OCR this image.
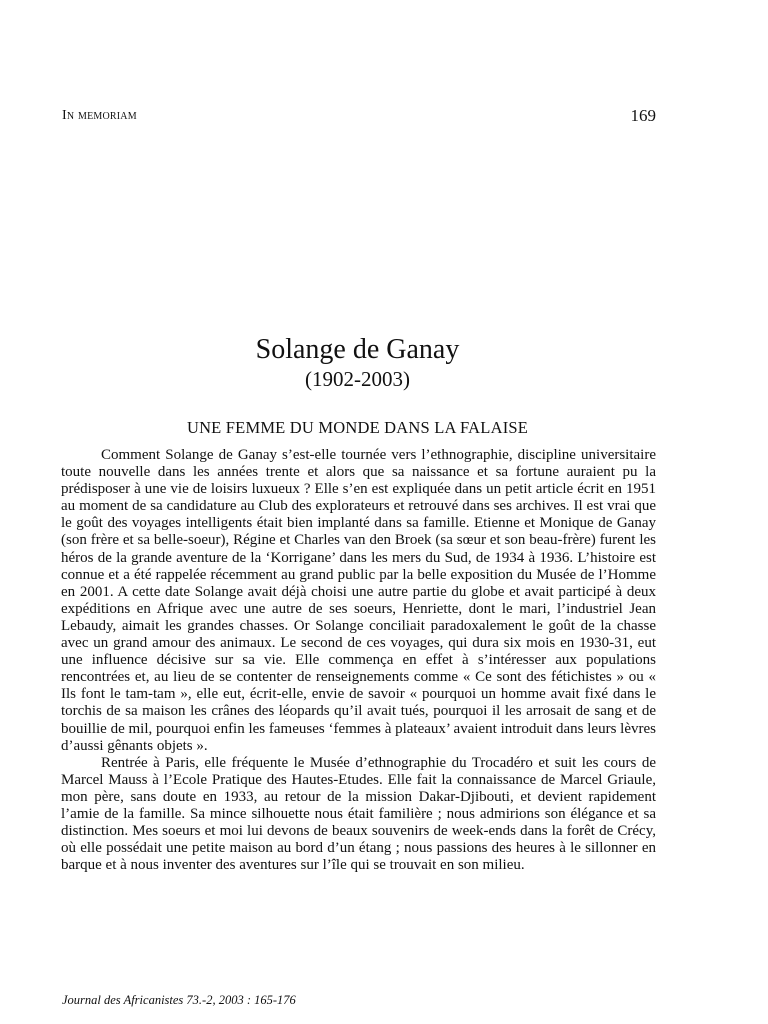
In memoriam	169
Solange de Ganay
(1902-2003)
UNE FEMME DU MONDE DANS LA FALAISE

Comment Solange de Ganay s’est-elle tournée vers l’ethnographie, discipline universitaire toute nouvelle dans les années trente et alors que sa naissance et sa fortune auraient pu la prédisposer à une vie de loisirs luxueux ? Elle s’en est expliquée dans un petit article écrit en 1951 au moment de sa candidature au Club des explorateurs et retrouvé dans ses archives. Il est vrai que le goût des voyages intelligents était bien implanté dans sa famille. Etienne et Monique de Ganay (son frère et sa belle-soeur), Régine et Charles van den Broek (sa sœur et son beau-frère) furent les héros de la grande aventure de la ‘Korrigane’ dans les mers du Sud, de 1934 à 1936. L’histoire est connue et a été rappelée récemment au grand public par la belle exposition du Musée de l’Homme en 2001. A cette date Solange avait déjà choisi une autre partie du globe et avait participé à deux expéditions en Afrique avec une autre de ses soeurs, Henriette, dont le mari, l’industriel Jean Lebaudy, aimait les grandes chasses. Or Solange conciliait paradoxalement le goût de la chasse avec un grand amour des animaux. Le second de ces voyages, qui dura six mois en 1930-31, eut une influence décisive sur sa vie. Elle commença en effet à s’intéresser aux populations rencontrées et, au lieu de se contenter de renseignements comme « Ce sont des fétichistes » ou « Ils font le tam-tam », elle eut, écrit-elle, envie de savoir « pourquoi un homme avait fixé dans le torchis de sa maison les crânes des léopards qu’il avait tués, pourquoi il les arrosait de sang et de bouillie de mil, pourquoi enfin les fameuses ‘femmes à plateaux’ avaient introduit dans leurs lèvres d’aussi gênants objets ».

Rentrée à Paris, elle fréquente le Musée d’ethnographie du Trocadéro et suit les cours de Marcel Mauss à l’Ecole Pratique des Hautes-Etudes. Elle fait la connaissance de Marcel Griaule, mon père, sans doute en 1933, au retour de la mission Dakar-Djibouti, et devient rapidement l’amie de la famille. Sa mince silhouette nous était familière ; nous admirions son élégance et sa distinction. Mes soeurs et moi lui devons de beaux souvenirs de week-ends dans la forêt de Crécy, où elle possédait une petite maison au bord d’un étang ; nous passions des heures à le sillonner en barque et à nous inventer des aventures sur l’île qui se trouvait en son milieu.

Journal des Africanistes 73.-2, 2003 : 165-176
